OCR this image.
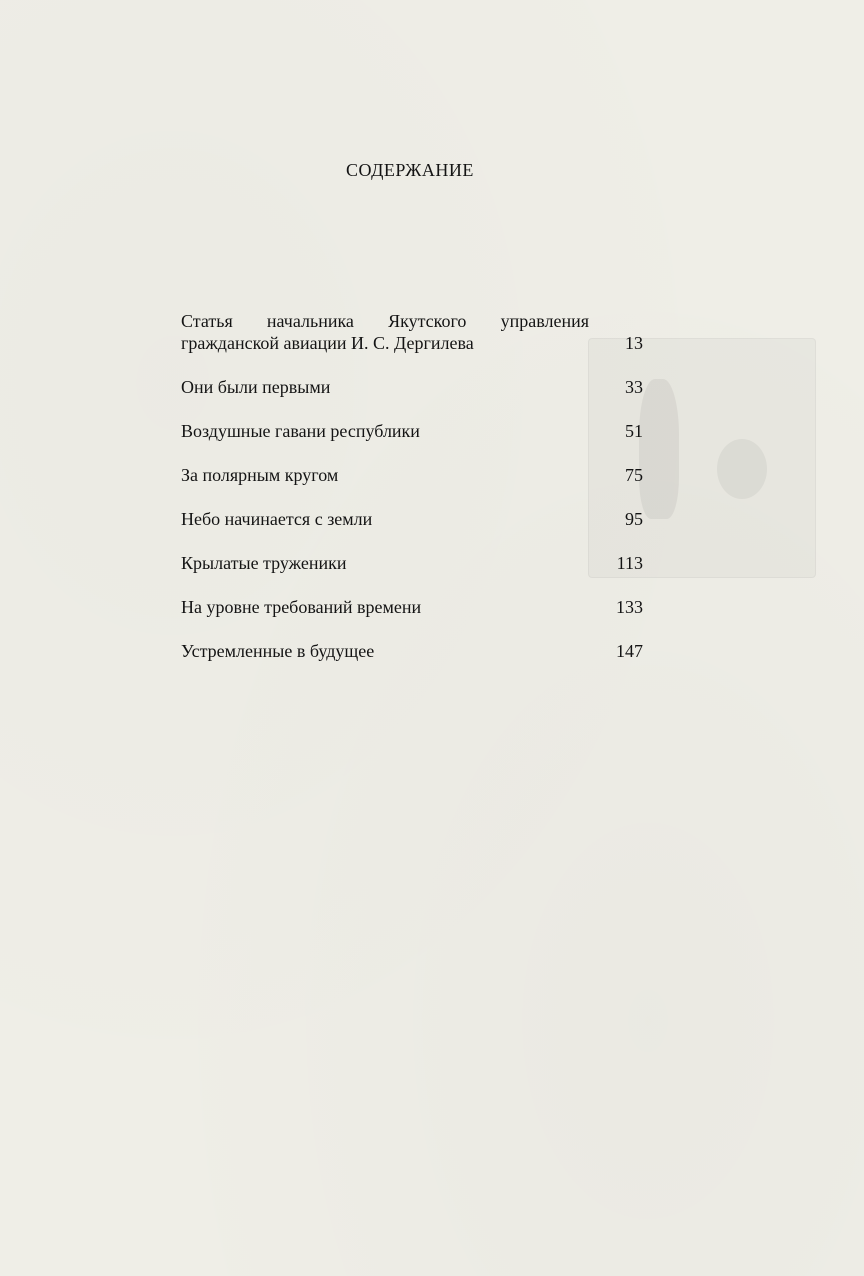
СОДЕРЖАНИЕ
Статья начальника Якутского управления
гражданской авиации И. С. Дергилева	13
Они были первыми	33
Воздушные гавани республики	51
За полярным кругом	75
Небо начинается с земли	95
Крылатые труженики	113
На уровне требований времени	133
Устремленные в будущее	147
